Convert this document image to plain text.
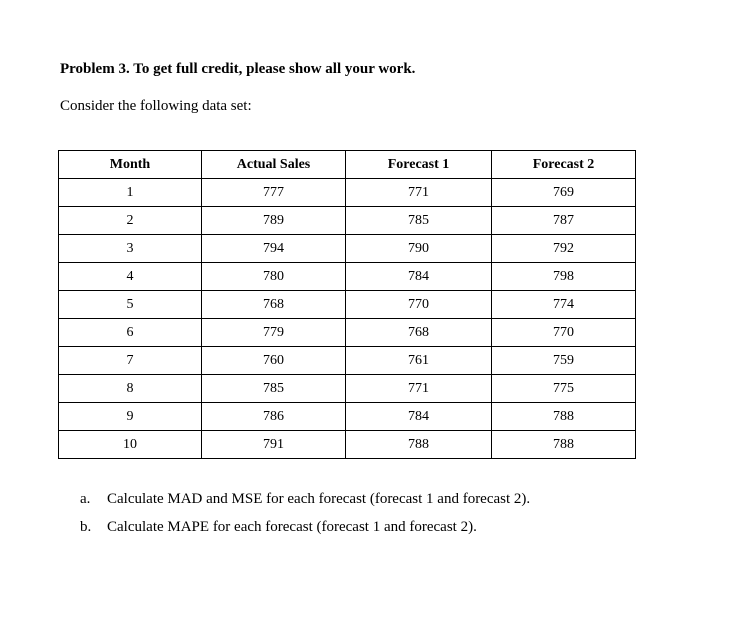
Problem 3. To get full credit, please show all your work.
Consider the following data set:
Month	Actual Sales	Forecast 1	Forecast 2
1	777	771	769
2	789	785	787
3	794	790	792
4	780	784	798
5	768	770	774
6	779	768	770
7	760	761	759
8	785	771	775
9	786	784	788
10	791	788	788
a. Calculate MAD and MSE for each forecast (forecast 1 and forecast 2).
b. Calculate MAPE for each forecast (forecast 1 and forecast 2).
